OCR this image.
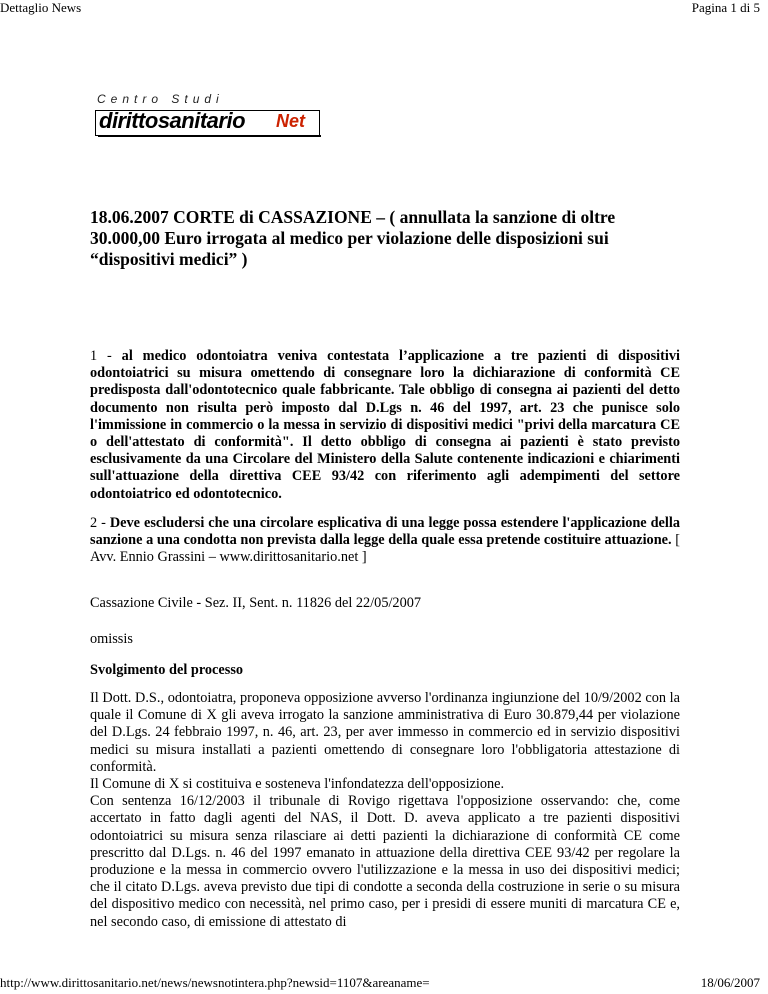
Dettaglio News	Pagina 1 di 5
Centro Studi
dirittosanitario Net
18.06.2007 CORTE di CASSAZIONE – ( annullata la sanzione di oltre 30.000,00 Euro irrogata al medico per violazione delle disposizioni sui “dispositivi medici” )

1 - al medico odontoiatra veniva contestata l’applicazione a tre pazienti di dispositivi odontoiatrici su misura omettendo di consegnare loro la dichiarazione di conformità CE predisposta dall'odontotecnico quale fabbricante. Tale obbligo di consegna ai pazienti del detto documento non risulta però imposto dal D.Lgs n. 46 del 1997, art. 23 che punisce solo l'immissione in commercio o la messa in servizio di dispositivi medici "privi della marcatura CE o dell'attestato di conformità". Il detto obbligo di consegna ai pazienti è stato previsto esclusivamente da una Circolare del Ministero della Salute contenente indicazioni e chiarimenti sull'attuazione della direttiva CEE 93/42 con riferimento agli adempimenti del settore odontoiatrico ed odontotecnico.

2 - Deve escludersi che una circolare esplicativa di una legge possa estendere l'applicazione della sanzione a una condotta non prevista dalla legge della quale essa pretende costituire attuazione. [ Avv. Ennio Grassini – www.dirittosanitario.net ]

Cassazione Civile - Sez. II, Sent. n. 11826 del 22/05/2007
omissis
Svolgimento del processo

Il Dott. D.S., odontoiatra, proponeva opposizione avverso l'ordinanza ingiunzione del 10/9/2002 con la quale il Comune di X gli aveva irrogato la sanzione amministrativa di Euro 30.879,44 per violazione del D.Lgs. 24 febbraio 1997, n. 46, art. 23, per aver immesso in commercio ed in servizio dispositivi medici su misura installati a pazienti omettendo di consegnare loro l'obbligatoria attestazione di conformità.

Il Comune di X si costituiva e sosteneva l'infondatezza dell'opposizione.

Con sentenza 16/12/2003 il tribunale di Rovigo rigettava l'opposizione osservando: che, come accertato in fatto dagli agenti del NAS, il Dott. D. aveva applicato a tre pazienti dispositivi odontoiatrici su misura senza rilasciare ai detti pazienti la dichiarazione di conformità CE come prescritto dal D.Lgs. n. 46 del 1997 emanato in attuazione della direttiva CEE 93/42 per regolare la produzione e la messa in commercio ovvero l'utilizzazione e la messa in uso dei dispositivi medici; che il citato D.Lgs. aveva previsto due tipi di condotte a seconda della costruzione in serie o su misura del dispositivo medico con necessità, nel primo caso, per i presidi di essere muniti di marcatura CE e, nel secondo caso, di emissione di attestato di

http://www.dirittosanitario.net/news/newsnotintera.php?newsid=1107&areaname=	18/06/2007
